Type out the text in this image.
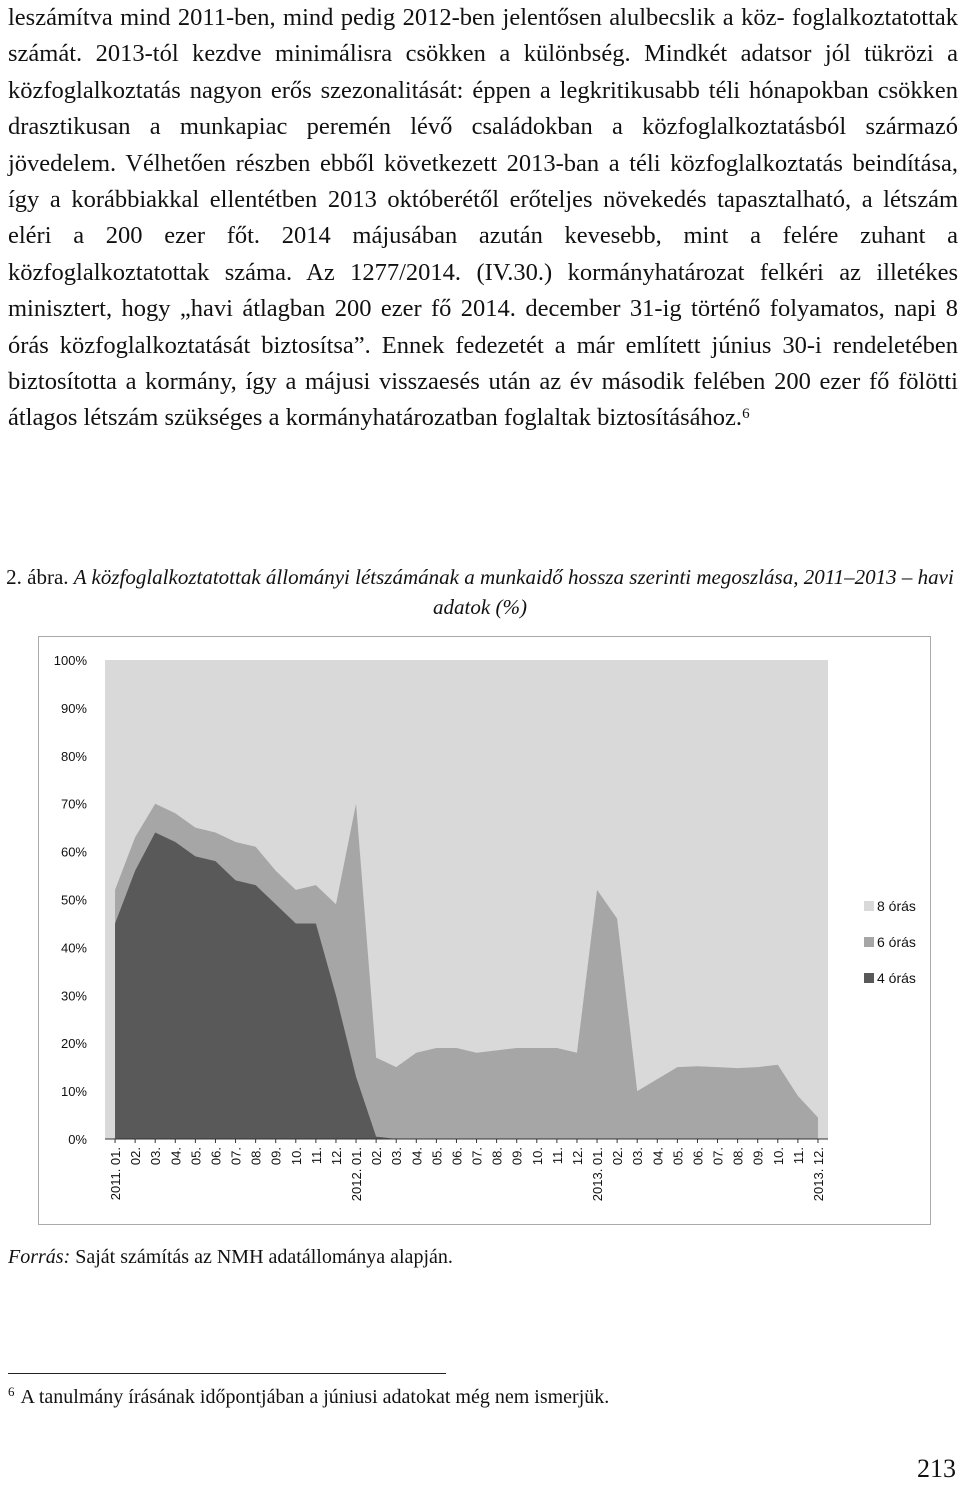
leszámítva mind 2011-ben, mind pedig 2012-ben jelentősen alulbecslik a köz- foglalkoztatottak számát. 2013-tól kezdve minimálisra csökken a különbség. Mindkét adatsor jól tükrözi a közfoglalkoztatás nagyon erős szezonalitását: éppen a legkritikusabb téli hónapokban csökken drasztikusan a munkapiac peremén lévő családokban a közfoglalkoztatásból származó jövedelem. Vélhetően részben ebből következett 2013-ban a téli közfoglalkoztatás beindítása, így a korábbiakkal ellentétben 2013 októberétől erőteljes növekedés tapasztalható, a létszám eléri a 200 ezer főt. 2014 májusában azután kevesebb, mint a felére zuhant a közfoglalkoztatottak száma. Az 1277/2014. (IV.30.) kormányhatározat felkéri az illetékes minisztert, hogy „havi átlagban 200 ezer fő 2014. december 31-ig történő folyamatos, napi 8 órás közfoglalkoztatását biztosítsa”. Ennek fedezetét a már említett június 30-i rendeletében biztosította a kormány, így a májusi visszaesés után az év második felében 200 ezer fő fölötti átlagos létszám szükséges a kormányhatározatban foglaltak biztosításához.$^6$

2. ábra. A közfoglalkoztatottak állományi létszámának a munkaidő hossza szerinti megoszlása, 2011–2013 – havi adatok (%)
0%
10%
20%
30%
40%
50%
60%
70%
80%
90%
100%
2011. 01. 02. 03. 04. 05. 06. 07. 08. 09. 10. 11. 12. 2012. 01. 02. 03. 04. 05. 06. 07. 08. 09. 10. 11. 12. 2013. 01. 02. 03. 04. 05. 06. 07. 08. 09. 10. 11. 2013. 12.
8 órás
6 órás
4 órás
Forrás: Saját számítás az NMH adatállománya alapján.
$^6$ A tanulmány írásának időpontjában a júniusi adatokat még nem ismerjük.
213
